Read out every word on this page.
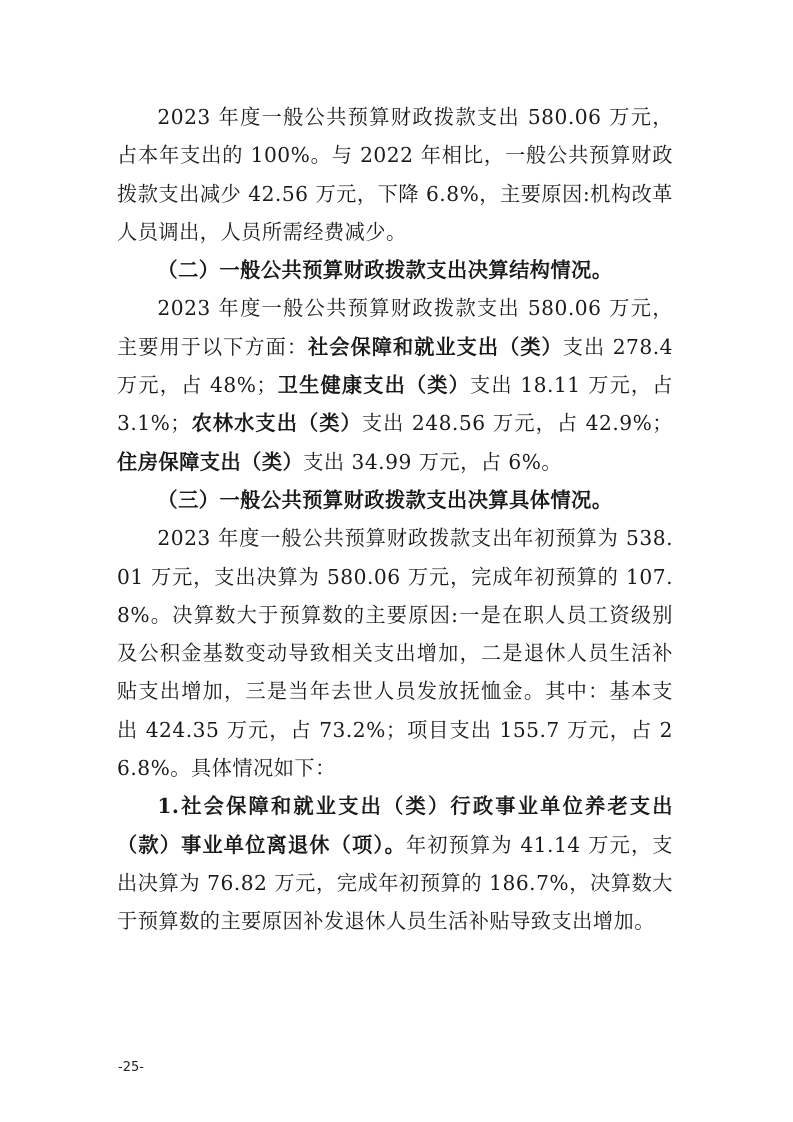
2023 年度一般公共预算财政拨款支出 580.06 万元，占本年支出的 100%。与 2022 年相比，一般公共预算财政拨款支出减少 42.56 万元，下降 6.8%，主要原因:机构改革人员调出，人员所需经费减少。

（二）一般公共预算财政拨款支出决算结构情况。

2023 年度一般公共预算财政拨款支出 580.06 万元，主要用于以下方面：社会保障和就业支出（类）支出 278.4 万元，占 48%；卫生健康支出（类）支出 18.11 万元，占 3.1%；农林水支出（类）支出 248.56 万元，占 42.9%；住房保障支出（类）支出 34.99 万元，占 6%。

（三）一般公共预算财政拨款支出决算具体情况。

2023 年度一般公共预算财政拨款支出年初预算为 538.01 万元，支出决算为 580.06 万元，完成年初预算的 107.8%。决算数大于预算数的主要原因:一是在职人员工资级别及公积金基数变动导致相关支出增加，二是退休人员生活补贴支出增加，三是当年去世人员发放抚恤金。其中：基本支出 424.35 万元，占 73.2%；项目支出 155.7 万元，占 26.8%。具体情况如下：

1.社会保障和就业支出（类）行政事业单位养老支出（款）事业单位离退休（项）。年初预算为 41.14 万元，支出决算为 76.82 万元，完成年初预算的 186.7%，决算数大于预算数的主要原因补发退休人员生活补贴导致支出增加。

-25-
